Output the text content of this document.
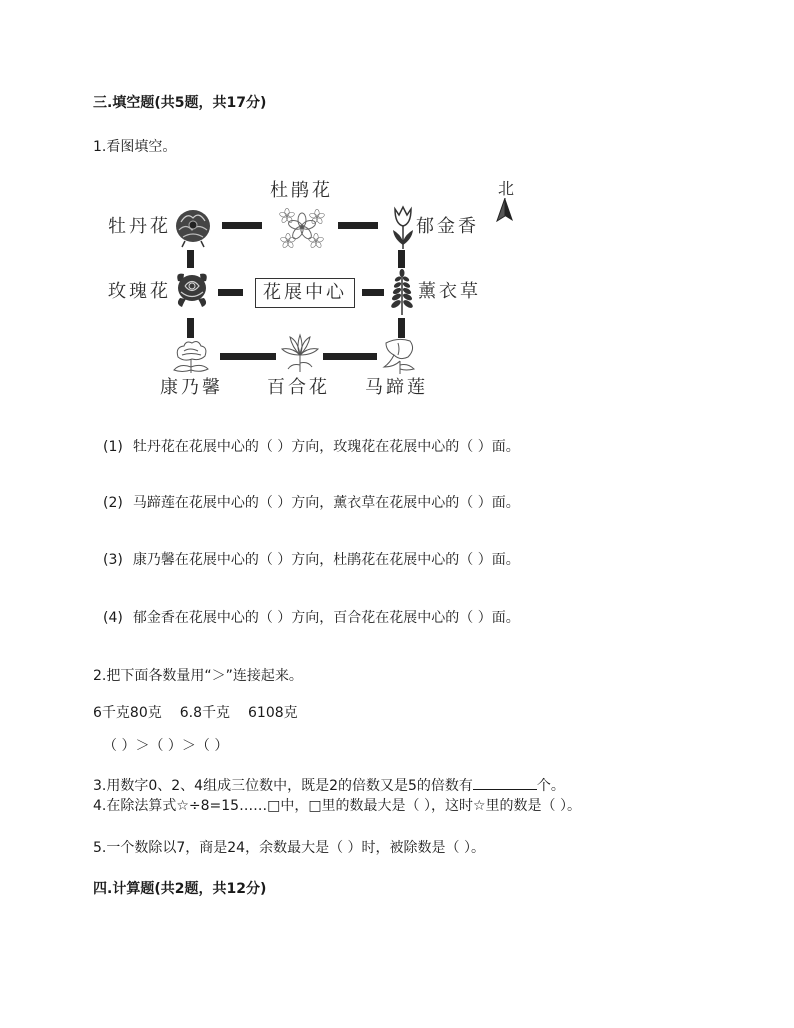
三.填空题(共5题，共17分)
1.看图填空。
牡丹花
杜鹃花
郁金香
北
玫瑰花	花展中心	薰衣草
康乃馨 百合花 马蹄莲
(1) 牡丹花在花展中心的（ ）方向，玫瑰花在花展中心的（ ）面。
(2) 马蹄莲在花展中心的（ ）方向，薰衣草在花展中心的（ ）面。
(3) 康乃馨在花展中心的（ ）方向，杜鹃花在花展中心的（ ）面。
(4) 郁金香在花展中心的（ ）方向，百合花在花展中心的（ ）面。
2.把下面各数量用“＞”连接起来。
6千克80克 6.8千克 6108克
（ ）＞（ ）＞（ ）
3.用数字0、2、4组成三位数中，既是2的倍数又是5的倍数有	个。
4.在除法算式☆÷8=15……□中，□里的数最大是（ ），这时☆里的数是（ ）。
5.一个数除以7，商是24，余数最大是（ ）时，被除数是（ ）。
四.计算题(共2题，共12分)
